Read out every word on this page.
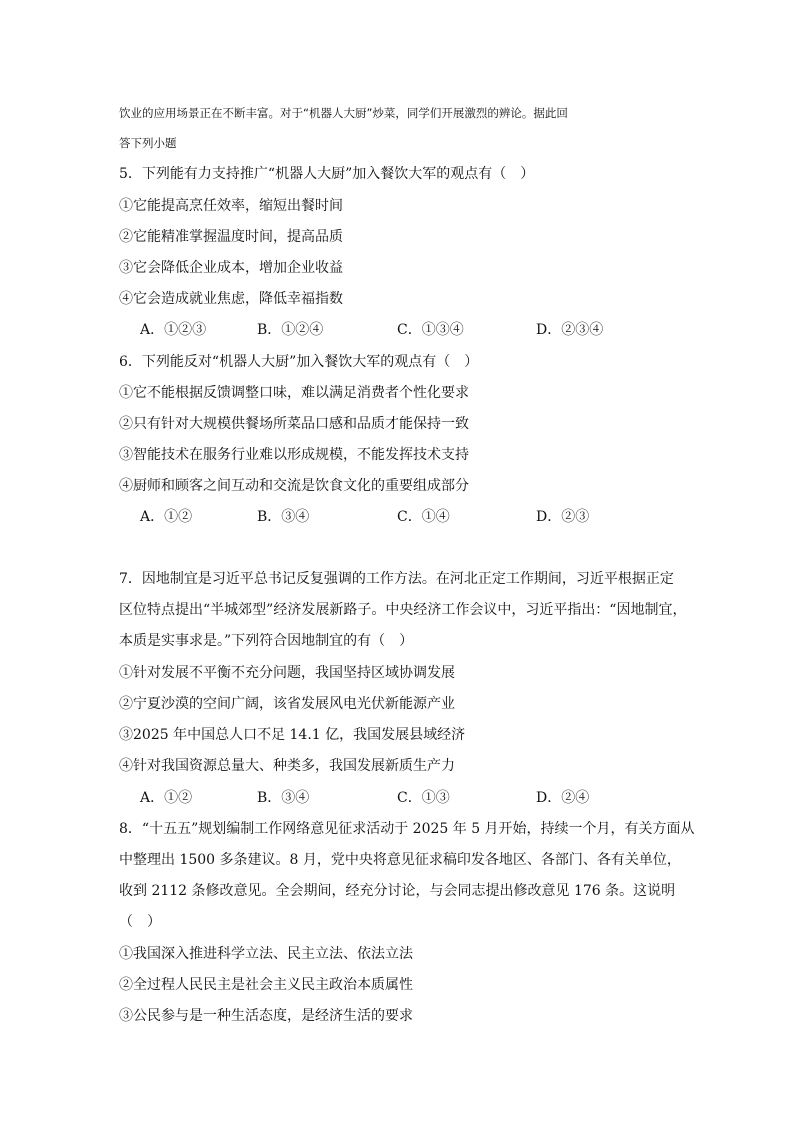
饮业的应用场景正在不断丰富。对于“机器人大厨”炒菜，同学们开展激烈的辨论。据此回
答下列小题
5．下列能有力支持推广“机器人大厨”加入餐饮大军的观点有（　）
①它能提高烹任效率，缩短出餐时间
②它能精准掌握温度时间，提高品质
③它会降低企业成本，增加企业收益
④它会造成就业焦虑，降低幸福指数
A．①②③	B．①②④	C．①③④	D．②③④
6．下列能反对“机器人大厨”加入餐饮大军的观点有（　）
①它不能根据反馈调整口味，难以满足消费者个性化要求
②只有针对大规模供餐场所菜品口感和品质才能保持一致
③智能技术在服务行业难以形成规模，不能发挥技术支持
④厨师和顾客之间互动和交流是饮食文化的重要组成部分
A．①②	B．③④	C．①④	D．②③
7．因地制宜是习近平总书记反复强调的工作方法。在河北正定工作期间，习近平根据正定
区位特点提出“半城郊型”经济发展新路子。中央经济工作会议中，习近平指出：“因地制宜，
本质是实事求是。”下列符合因地制宜的有（　）
①针对发展不平衡不充分问题，我国坚持区域协调发展
②宁夏沙漠的空间广阔，该省发展风电光伏新能源产业
③2025 年中国总人口不足 14.1 亿，我国发展县域经济
④针对我国资源总量大、种类多，我国发展新质生产力
A．①②	B．③④	C．①③	D．②④
8．“十五五”规划编制工作网络意见征求活动于 2025 年 5 月开始，持续一个月，有关方面从
中整理出 1500 多条建议。8 月，党中央将意见征求稿印发各地区、各部门、各有关单位，
收到 2112 条修改意见。全会期间，经充分讨论，与会同志提出修改意见 176 条。这说明
（　）
①我国深入推进科学立法、民主立法、依法立法
②全过程人民民主是社会主义民主政治本质属性
③公民参与是一种生活态度，是经济生活的要求
